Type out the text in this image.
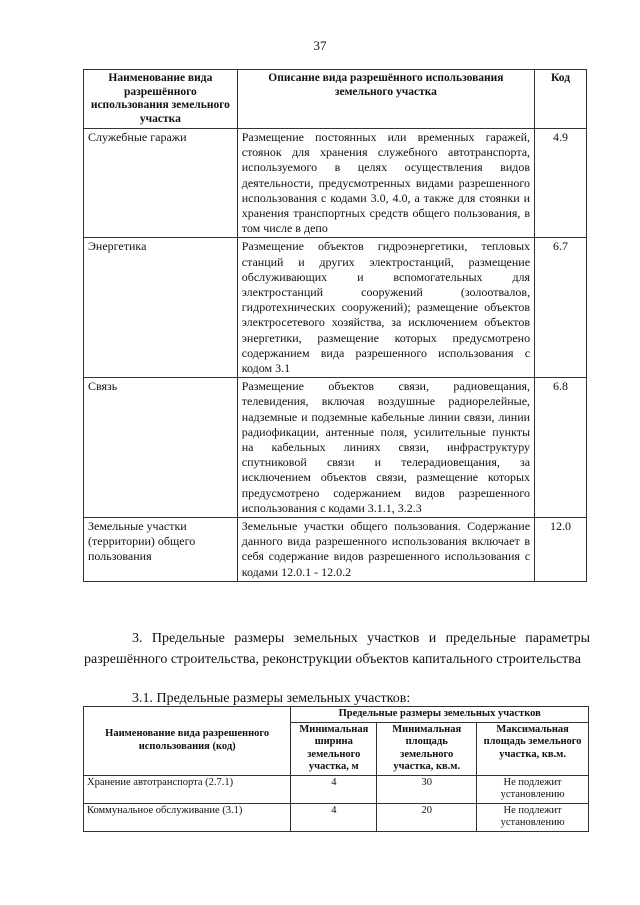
37
Наименование вида разрешённого использования земельного участка	Описание вида разрешённого использования земельного участка	Код
Служебные гаражи	Размещение постоянных или временных гаражей, стоянок для хранения служебного автотранспорта, используемого в целях осуществления видов деятельности, предусмотренных видами разрешенного использования с кодами 3.0, 4.0, а также для стоянки и хранения транспортных средств общего пользования, в том числе в депо	4.9
Энергетика	Размещение объектов гидроэнергетики, тепловых станций и других электростанций, размещение обслуживающих и вспомогательных для электростанций сооружений (золоотвалов, гидротехнических сооружений); размещение объектов электросетевого хозяйства, за исключением объектов энергетики, размещение которых предусмотрено содержанием вида разрешенного использования с кодом 3.1	6.7
Связь	Размещение объектов связи, радиовещания, телевидения, включая воздушные радиорелейные, надземные и подземные кабельные линии связи, линии радиофикации, антенные поля, усилительные пункты на кабельных линиях связи, инфраструктуру спутниковой связи и телерадиовещания, за исключением объектов связи, размещение которых предусмотрено содержанием видов разрешенного использования с кодами 3.1.1, 3.2.3	6.8
Земельные участки (территории) общего пользования	Земельные участки общего пользования. Содержание данного вида разрешенного использования включает в себя содержание видов разрешенного использования с кодами 12.0.1 - 12.0.2	12.0
3. Предельные размеры земельных участков и предельные параметры
разрешённого строительства, реконструкции объектов капитального строительства
3.1. Предельные размеры земельных участков:
Наименование вида разрешенного использования (код)	Предельные размеры земельных участков		
	Минимальная ширина земельного участка, м	Минимальная площадь земельного участка, кв.м.	Максимальная площадь земельного участка, кв.м.
Хранение автотранспорта (2.7.1)	4	30	Не подлежит установлению
Коммунальное обслуживание (3.1)	4	20	Не подлежит установлению
